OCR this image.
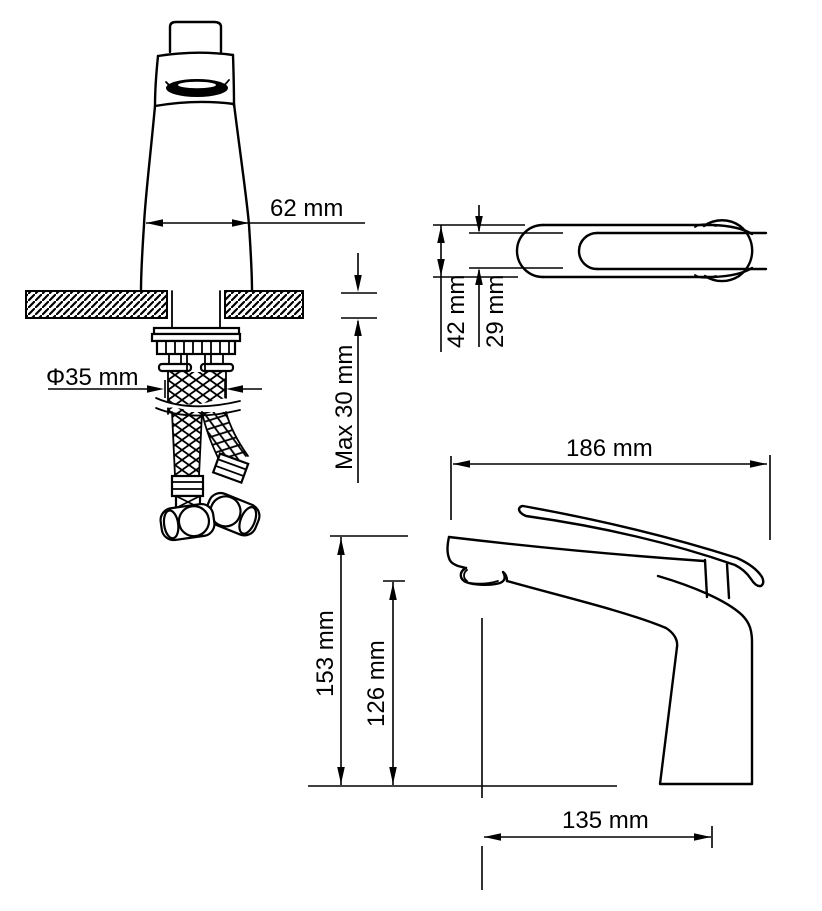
62 mm
Φ35 mm	Max 30 mm
42 mm 29 mm
186 mm
153 mm 126 mm
135 mm
